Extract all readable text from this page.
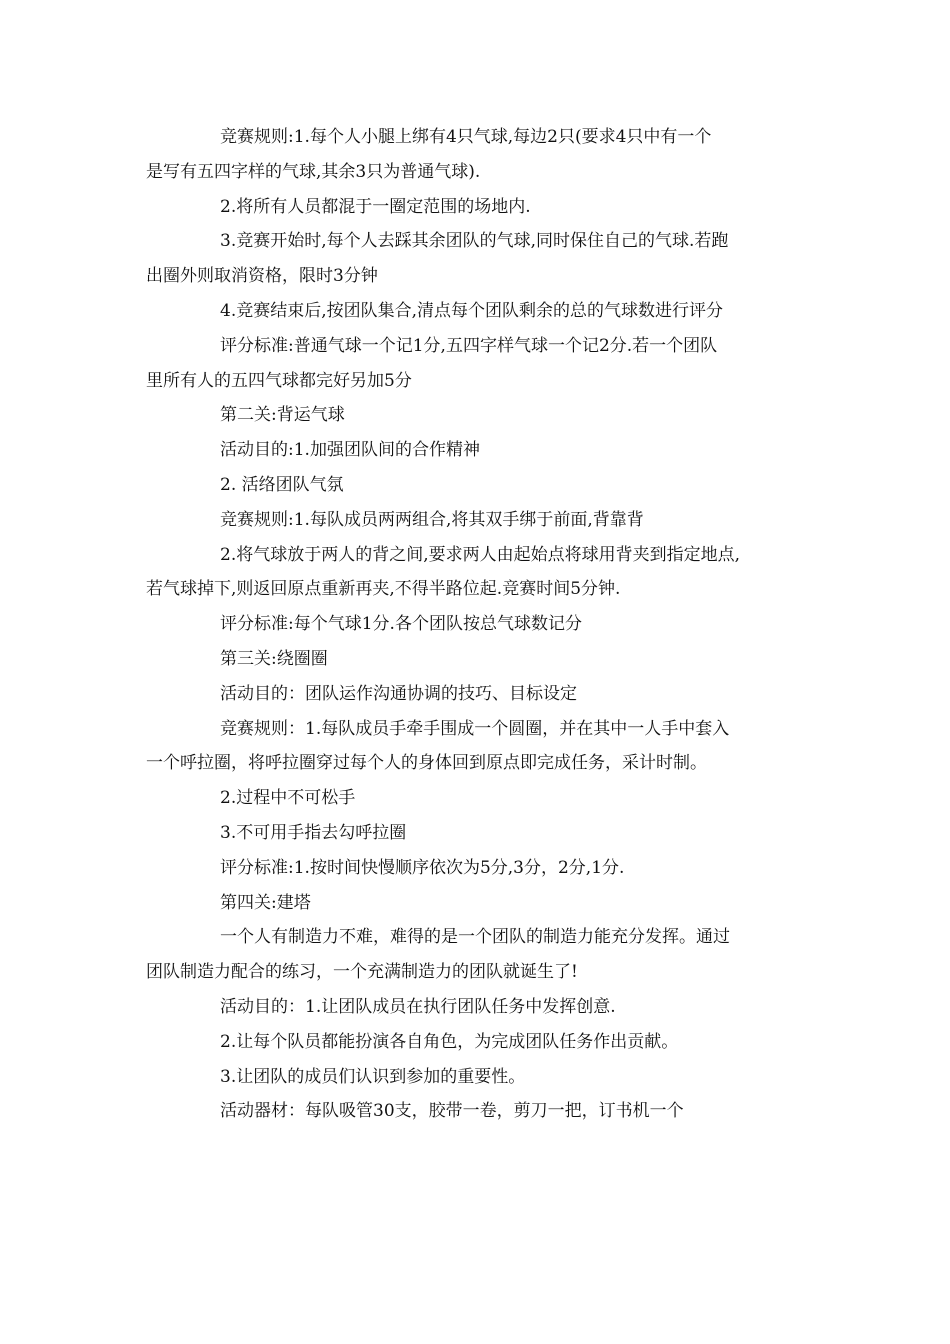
竞赛规则:1.每个人小腿上绑有4只气球,每边2只(要求4只中有一个
是写有五四字样的气球,其余3只为普通气球).
2.将所有人员都混于一圈定范围的场地内.
3.竞赛开始时,每个人去踩其余团队的气球,同时保住自己的气球.若跑
出圈外则取消资格，限时3分钟
4.竞赛结束后,按团队集合,清点每个团队剩余的总的气球数进行评分
评分标准:普通气球一个记1分,五四字样气球一个记2分.若一个团队
里所有人的五四气球都完好另加5分
第二关:背运气球
活动目的:1.加强团队间的合作精神
2. 活络团队气氛
竞赛规则:1.每队成员两两组合,将其双手绑于前面,背靠背
2.将气球放于两人的背之间,要求两人由起始点将球用背夹到指定地点,
若气球掉下,则返回原点重新再夹,不得半路位起.竞赛时间5分钟.
评分标准:每个气球1分.各个团队按总气球数记分
第三关:绕圈圈
活动目的：团队运作沟通协调的技巧、目标设定
竞赛规则：1.每队成员手牵手围成一个圆圈，并在其中一人手中套入
一个呼拉圈，将呼拉圈穿过每个人的身体回到原点即完成任务，采计时制。
2.过程中不可松手
3.不可用手指去勾呼拉圈
评分标准:1.按时间快慢顺序依次为5分,3分，2分,1分.
第四关:建塔
一个人有制造力不难，难得的是一个团队的制造力能充分发挥。通过
团队制造力配合的练习，一个充满制造力的团队就诞生了!
活动目的：1.让团队成员在执行团队任务中发挥创意.
2.让每个队员都能扮演各自角色，为完成团队任务作出贡献。
3.让团队的成员们认识到参加的重要性。
活动器材：每队吸管30支，胶带一卷，剪刀一把，订书机一个
